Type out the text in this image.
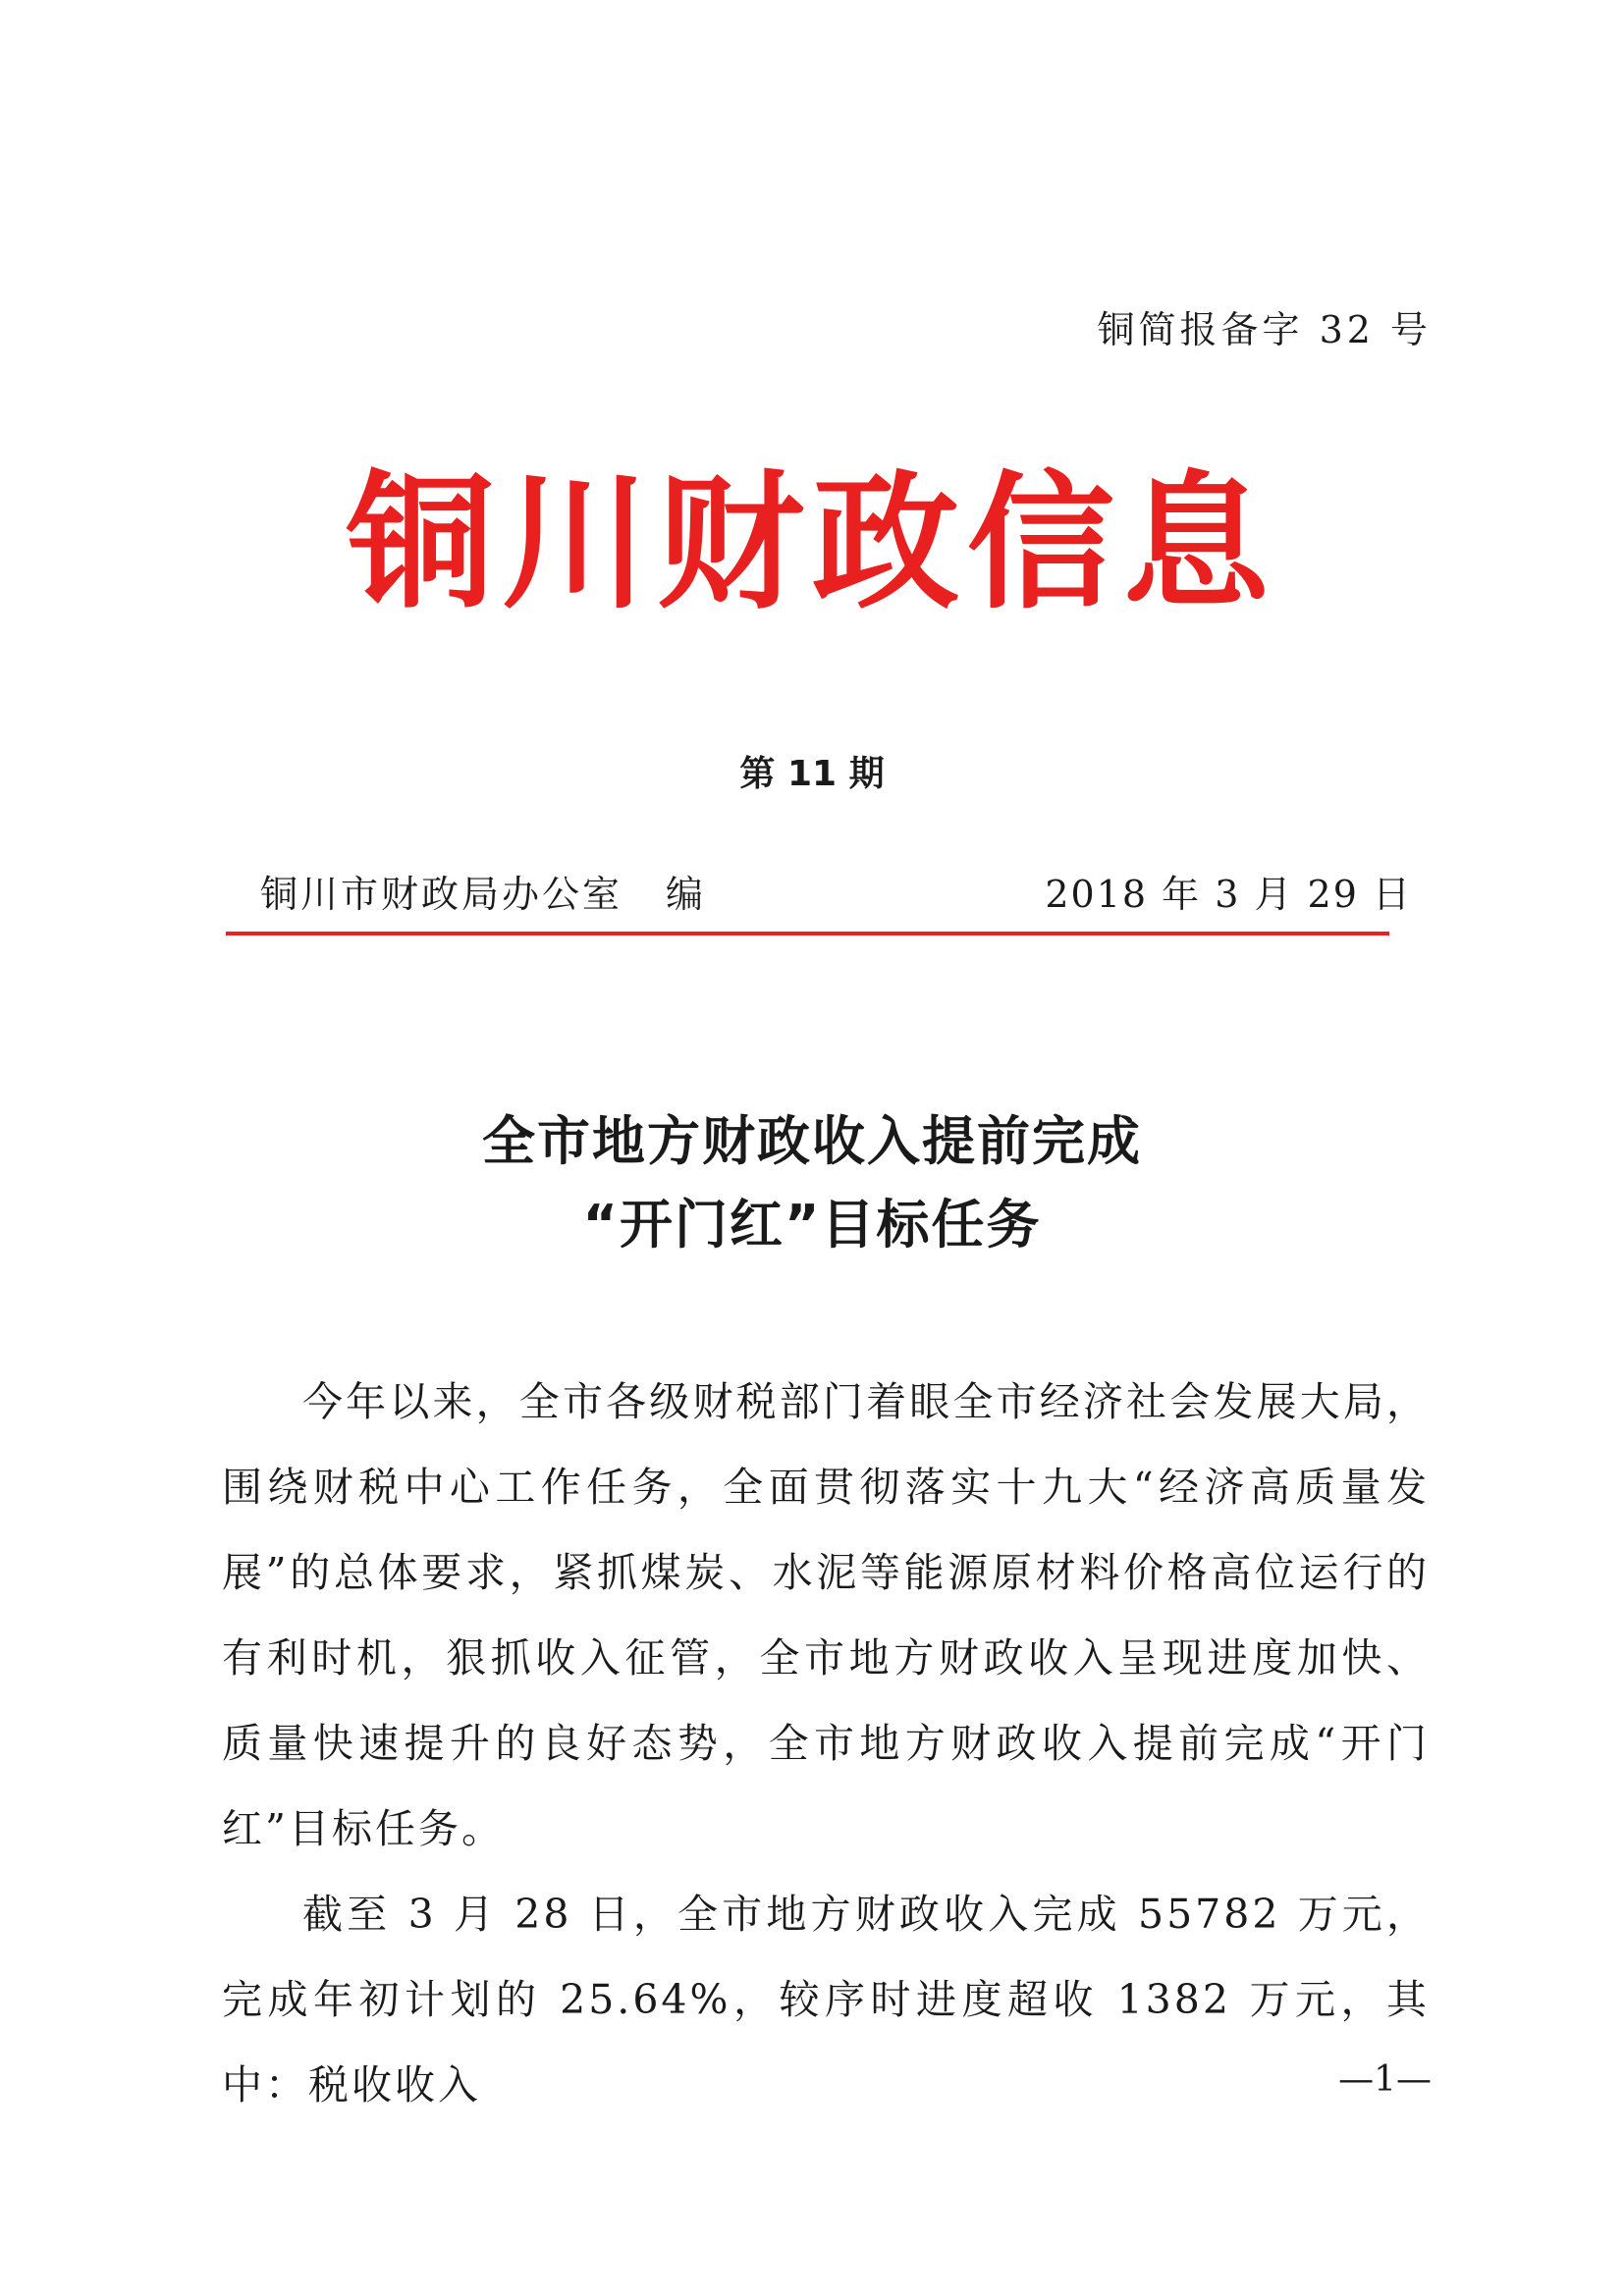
铜简报备字 32 号
铜川财政信息
第 11 期
铜川市财政局办公室 编	2018 年 3 月 29 日
全市地方财政收入提前完成
“开门红”目标任务

今年以来，全市各级财税部门着眼全市经济社会发展大局，围绕财税中心工作任务，全面贯彻落实十九大“经济高质量发展”的总体要求，紧抓煤炭、水泥等能源原材料价格高位运行的有利时机，狠抓收入征管，全市地方财政收入呈现进度加快、质量快速提升的良好态势，全市地方财政收入提前完成“开门红”目标任务。

截至 3 月 28 日，全市地方财政收入完成 55782 万元，完成年初计划的 25.64%，较序时进度超收 1382 万元，其中：税收收入	—1—
